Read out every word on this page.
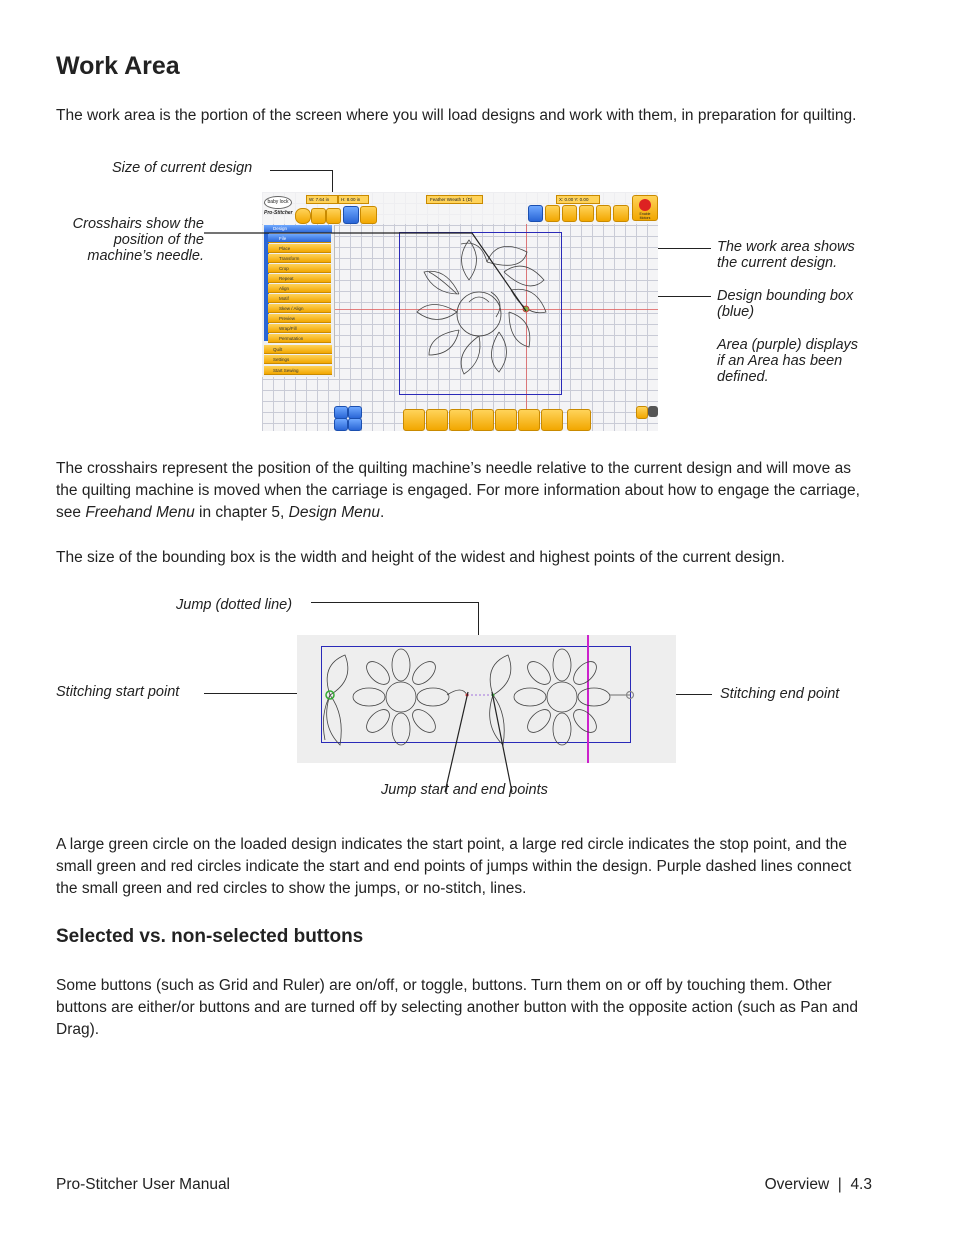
Work Area

The work area is the portion of the screen where you will load designs and work with them, in preparation for quilting.

Size of current design
Crosshairs show the position of the machine’s needle.
The work area shows the current design.
Design bounding box (blue)
Area (purple) displays if an Area has been defined.
baby lock
Pro-Stitcher
W: 7.64 in	H: 8.00 in	Feather Wreath 1 (D)	X: 0.00 Y: 0.00
Enable Motors
Design
File
Place
Transform
Crop
Repeat
Align
Motif
Skew / Align
Preview
Wrap/Fill
Permutation
Quilt
Settings
Start Sewing

The crosshairs represent the position of the quilting machine’s needle relative to the current design and will move as the quilting machine is moved when the carriage is engaged. For more information about how to engage the carriage, see Freehand Menu in chapter 5, Design Menu.

The size of the bounding box is the width and height of the widest and highest points of the current design.

Jump (dotted line)
Stitching start point	Stitching end point
Jump start and end points

A large green circle on the loaded design indicates the start point, a large red circle indicates the stop point, and the small green and red circles indicate the start and end points of jumps within the design. Purple dashed lines connect the small green and red circles to show the jumps, or no-stitch, lines.

Selected vs. non-selected buttons

Some buttons (such as Grid and Ruler) are on/off, or toggle, buttons. Turn them on or off by touching them. Other buttons are either/or buttons and are turned off by selecting another button with the opposite action (such as Pan and Drag).

Pro-Stitcher User Manual	Overview  |  4.3
